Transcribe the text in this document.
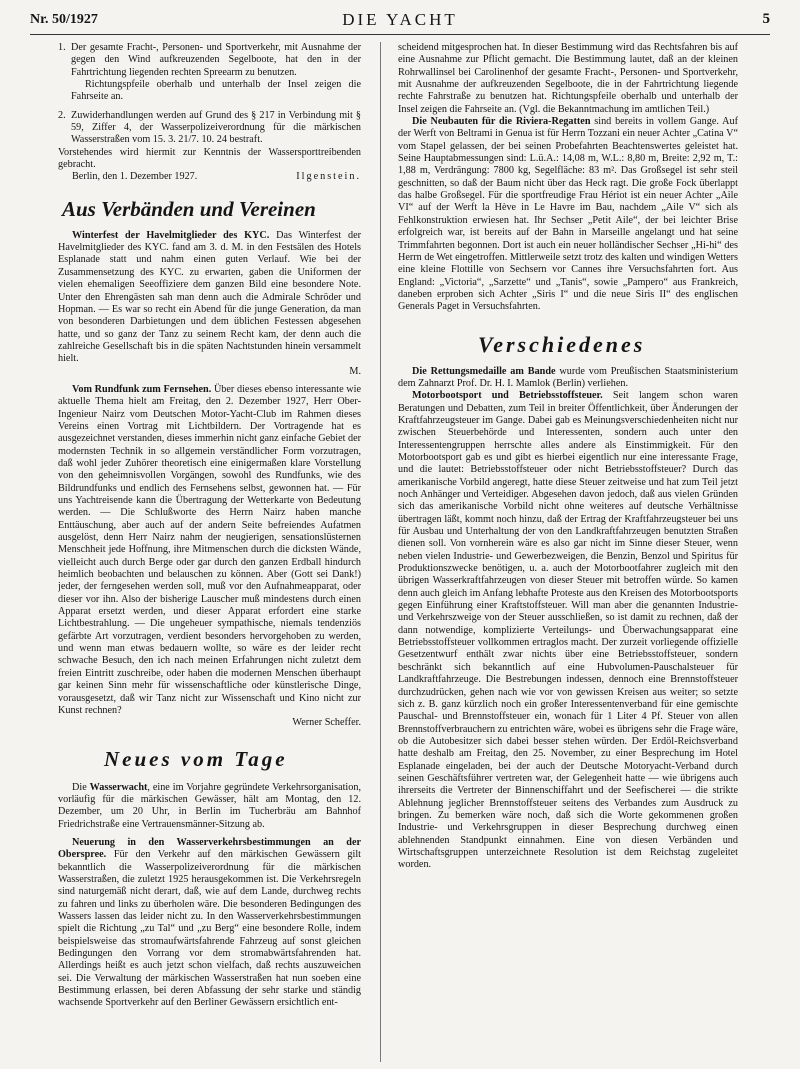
Nr. 50/1927	DIE YACHT	5
1. Der gesamte Fracht-, Personen- und Sportverkehr, mit Ausnahme der gegen den Wind aufkreuzenden Segelboote, hat den in der Fahrtrichtung liegenden rechten Spreearm zu benutzen.

Richtungspfeile oberhalb und unterhalb der Insel zeigen die Fahrseite an.

2. Zuwiderhandlungen werden auf Grund des § 217 in Verbindung mit § 59, Ziffer 4, der Wasserpolizeiverordnung für die märkischen Wasserstraßen vom 15. 3. 21/7. 10. 24 bestraft.

Vorstehendes wird hiermit zur Kenntnis der Wassersporttreibenden gebracht.

Berlin, den 1. Dezember 1927.	Ilgenstein.
Aus Verbänden und Vereinen

Winterfest der Havelmitglieder des KYC. Das Winterfest der Havelmitglieder des KYC. fand am 3. d. M. in den Festsälen des Hotels Esplanade statt und nahm einen guten Verlauf. Wie bei der Zusammensetzung des KYC. zu erwarten, gaben die Uniformen der vielen ehemaligen Seeoffiziere dem ganzen Bild eine besondere Note. Unter den Ehrengästen sah man denn auch die Admirale Schröder und Hopman. — Es war so recht ein Abend für die junge Generation, da man von besonderen Darbietungen und dem üblichen Festessen abgesehen hatte, und so ganz der Tanz zu seinem Recht kam, der denn auch die zahlreiche Gesellschaft bis in die späten Nachtstunden hinein versammelt hielt.

M.

Vom Rundfunk zum Fernsehen. Über dieses ebenso interessante wie aktuelle Thema hielt am Freitag, den 2. Dezember 1927, Herr Ober-Ingenieur Nairz vom Deutschen Motor-Yacht-Club im Rahmen dieses Vereins einen Vortrag mit Lichtbildern. Der Vortragende hat es ausgezeichnet verstanden, dieses immerhin nicht ganz einfache Gebiet der modernsten Technik in so allgemein verständlicher Form vorzutragen, daß wohl jeder Zuhörer theoretisch eine einigermaßen klare Vorstellung von den geheimnisvollen Vorgängen, sowohl des Rundfunks, wie des Bildrundfunks und endlich des Fernsehens selbst, gewonnen hat. — Für uns Yachtreisende kann die Übertragung der Wetterkarte von Bedeutung werden. — Die Schlußworte des Herrn Nairz haben manche Enttäuschung, aber auch auf der andern Seite befreiendes Aufatmen ausgelöst, denn Herr Nairz nahm der neugierigen, sensationslüsternen Menschheit jede Hoffnung, ihre Mitmenschen durch die dicksten Wände, vielleicht auch durch Berge oder gar durch den ganzen Erdball hindurch heimlich beobachten und belauschen zu können. Aber (Gott sei Dank!) jeder, der ferngesehen werden soll, muß vor den Aufnahmeapparat, oder dieser vor ihn. Also der bisherige Lauscher muß mindestens durch einen Apparat ersetzt werden, und dieser Apparat erfordert eine starke Lichtbestrahlung. — Die ungeheuer sympathische, niemals tendenziös gefärbte Art vorzutragen, verdient besonders hervorgehoben zu werden, und wenn man etwas bedauern wollte, so wäre es der leider recht schwache Besuch, den ich nach meinen Erfahrungen nicht zuletzt dem freien Eintritt zuschreibe, oder haben die modernen Menschen überhaupt gar keinen Sinn mehr für wissenschaftliche oder künstlerische Dinge, vorausgesetzt, daß wir Tanz nicht zur Wissenschaft und Kino nicht zur Kunst rechnen?

Werner Scheffer.

Neues vom Tage

Die Wasserwacht, eine im Vorjahre gegründete Verkehrsorganisation, vorläufig für die märkischen Gewässer, hält am Montag, den 12. Dezember, um 20 Uhr, in Berlin im Tucherbräu am Bahnhof Friedrichstraße eine Vertrauensmänner-Sitzung ab.

Neuerung in den Wasserverkehrsbestimmungen an der Oberspree. Für den Verkehr auf den märkischen Gewässern gilt bekanntlich die Wasserpolizeiverordnung für die märkischen Wasserstraßen, die zuletzt 1925 herausgekommen ist. Die Verkehrsregeln sind naturgemäß nicht derart, daß, wie auf dem Lande, durchweg rechts zu fahren und links zu überholen wäre. Die besonderen Bedingungen des Wassers lassen das leider nicht zu. In den Wasserverkehrsbestimmungen spielt die Richtung „zu Tal“ und „zu Berg“ eine besondere Rolle, indem beispielsweise das stromaufwärtsfahrende Fahrzeug auf sonst gleichen Bedingungen den Vorrang vor dem stromabwärtsfahrenden hat. Allerdings heißt es auch jetzt schon vielfach, daß rechts auszuweichen sei. Die Verwaltung der märkischen Wasserstraßen hat nun soeben eine Bestimmung erlassen, bei deren Abfassung der sehr starke und ständig wachsende Sportverkehr auf den Berliner Gewässern ersichtlich ent-

scheidend mitgesprochen hat. In dieser Bestimmung wird das Rechtsfahren bis auf eine Ausnahme zur Pflicht gemacht. Die Bestimmung lautet, daß an der kleinen Rohrwallinsel bei Carolinenhof der gesamte Fracht-, Personen- und Sportverkehr, mit Ausnahme der aufkreuzenden Segelboote, die in der Fahrtrichtung liegende rechte Fahrstraße zu benutzen hat. Richtungspfeile oberhalb und unterhalb der Insel zeigen die Fahrseite an. (Vgl. die Bekanntmachung im amtlichen Teil.)

Die Neubauten für die Riviera-Regatten sind bereits in vollem Gange. Auf der Werft von Beltrami in Genua ist für Herrn Tozzani ein neuer Achter „Catina V“ vom Stapel gelassen, der bei seinen Probefahrten Beachtenswertes geleistet hat. Seine Hauptabmessungen sind: L.ü.A.: 14,08 m, W.L.: 8,80 m, Breite: 2,92 m, T.: 1,88 m, Verdrängung: 7800 kg, Segelfläche: 83 m². Das Großsegel ist sehr steil geschnitten, so daß der Baum nicht über das Heck ragt. Die große Fock überlappt das halbe Großsegel. Für die sportfreudige Frau Hériot ist ein neuer Achter „Aile VI“ auf der Werft la Hève in Le Havre im Bau, nachdem „Aile V“ sich als Fehlkonstruktion erwiesen hat. Ihr Sechser „Petit Aile“, der bei leichter Brise erfolgreich war, ist bereits auf der Bahn in Marseille angelangt und hat seine Trimmfahrten begonnen. Dort ist auch ein neuer holländischer Sechser „Hi-hi“ des Herrn de Wet eingetroffen. Mittlerweile setzt trotz des kalten und windigen Wetters eine kleine Flottille von Sechsern vor Cannes ihre Versuchsfahrten fort. Aus England: „Victoria“, „Sarzette“ und „Tanis“, sowie „Pampero“ aus Frankreich, daneben erproben sich Achter „Siris I“ und die neue Siris II“ des englischen Generals Paget in Versuchsfahrten.

Verschiedenes

Die Rettungsmedaille am Bande wurde vom Preußischen Staatsministerium dem Zahnarzt Prof. Dr. H. I. Mamlok (Berlin) verliehen.

Motorbootsport und Betriebsstoffsteuer. Seit langem schon waren Beratungen und Debatten, zum Teil in breiter Öffentlichkeit, über Änderungen der Kraftfahrzeugsteuer im Gange. Dabei gab es Meinungsverschiedenheiten nicht nur zwischen Steuerbehörde und Interessenten, sondern auch unter den Interessentengruppen herrschte alles andere als Einstimmigkeit. Für den Motorbootsport gab es und gibt es hierbei eigentlich nur eine interessante Frage, und die lautet: Betriebsstoffsteuer oder nicht Betriebsstoffsteuer? Durch das amerikanische Vorbild angeregt, hatte diese Steuer zeitweise und hat zum Teil jetzt noch Anhänger und Verteidiger. Abgesehen davon jedoch, daß aus vielen Gründen sich das amerikanische Vorbild nicht ohne weiteres auf deutsche Verhältnisse übertragen läßt, kommt noch hinzu, daß der Ertrag der Kraftfahrzeugsteuer bei uns für Ausbau und Unterhaltung der von den Landkraftfahrzeugen benutzten Straßen dienen soll. Von vornherein wäre es also gar nicht im Sinne dieser Steuer, wenn neben vielen Industrie- und Gewerbezweigen, die Benzin, Benzol und Spiritus für Produktionszwecke benötigen, u. a. auch der Motorbootfahrer zugleich mit den übrigen Wasserkraftfahrzeugen von dieser Steuer mit betroffen würde. So kamen denn auch gleich im Anfang lebhafte Proteste aus den Kreisen des Motorbootsports gegen Einführung einer Kraftstoffsteuer. Will man aber die genannten Industrie- und Verkehrszweige von der Steuer ausschließen, so ist damit zu rechnen, daß der dann notwendige, komplizierte Verteilungs- und Überwachungsapparat eine Betriebsstoffsteuer vollkommen ertraglos macht. Der zurzeit vorliegende offizielle Gesetzentwurf enthält zwar nichts über eine Betriebsstoffsteuer, sondern beschränkt sich bekanntlich auf eine Hubvolumen-Pauschalsteuer für Landkraftfahrzeuge. Die Bestrebungen indessen, dennoch eine Brennstoffsteuer durchzudrücken, gehen nach wie vor von gewissen Kreisen aus weiter; so setzte sich z. B. ganz kürzlich noch ein großer Interessentenverband für eine gemischte Pauschal- und Brennstoffsteuer ein, wonach für 1 Liter 4 Pf. Steuer von allen Brennstoffverbrauchern zu entrichten wäre, wobei es übrigens sehr die Frage wäre, ob die Autobesitzer sich dabei besser stehen würden. Der Erdöl-Reichsverband hatte deshalb am Freitag, den 25. November, zu einer Besprechung im Hotel Esplanade eingeladen, bei der auch der Deutsche Motoryacht-Verband durch seinen Geschäftsführer vertreten war, der Gelegenheit hatte — wie übrigens auch ihrerseits die Vertreter der Binnenschiffahrt und der Seefischerei — die strikte Ablehnung jeglicher Brennstoffsteuer seitens des Verbandes zum Ausdruck zu bringen. Zu bemerken wäre noch, daß sich die Worte gekommenen großen Industrie- und Verkehrsgruppen in dieser Besprechung durchweg einen ablehnenden Standpunkt einnahmen. Eine von diesen Verbänden und Wirtschaftsgruppen unterzeichnete Resolution ist dem Reichstag zugeleitet worden.
